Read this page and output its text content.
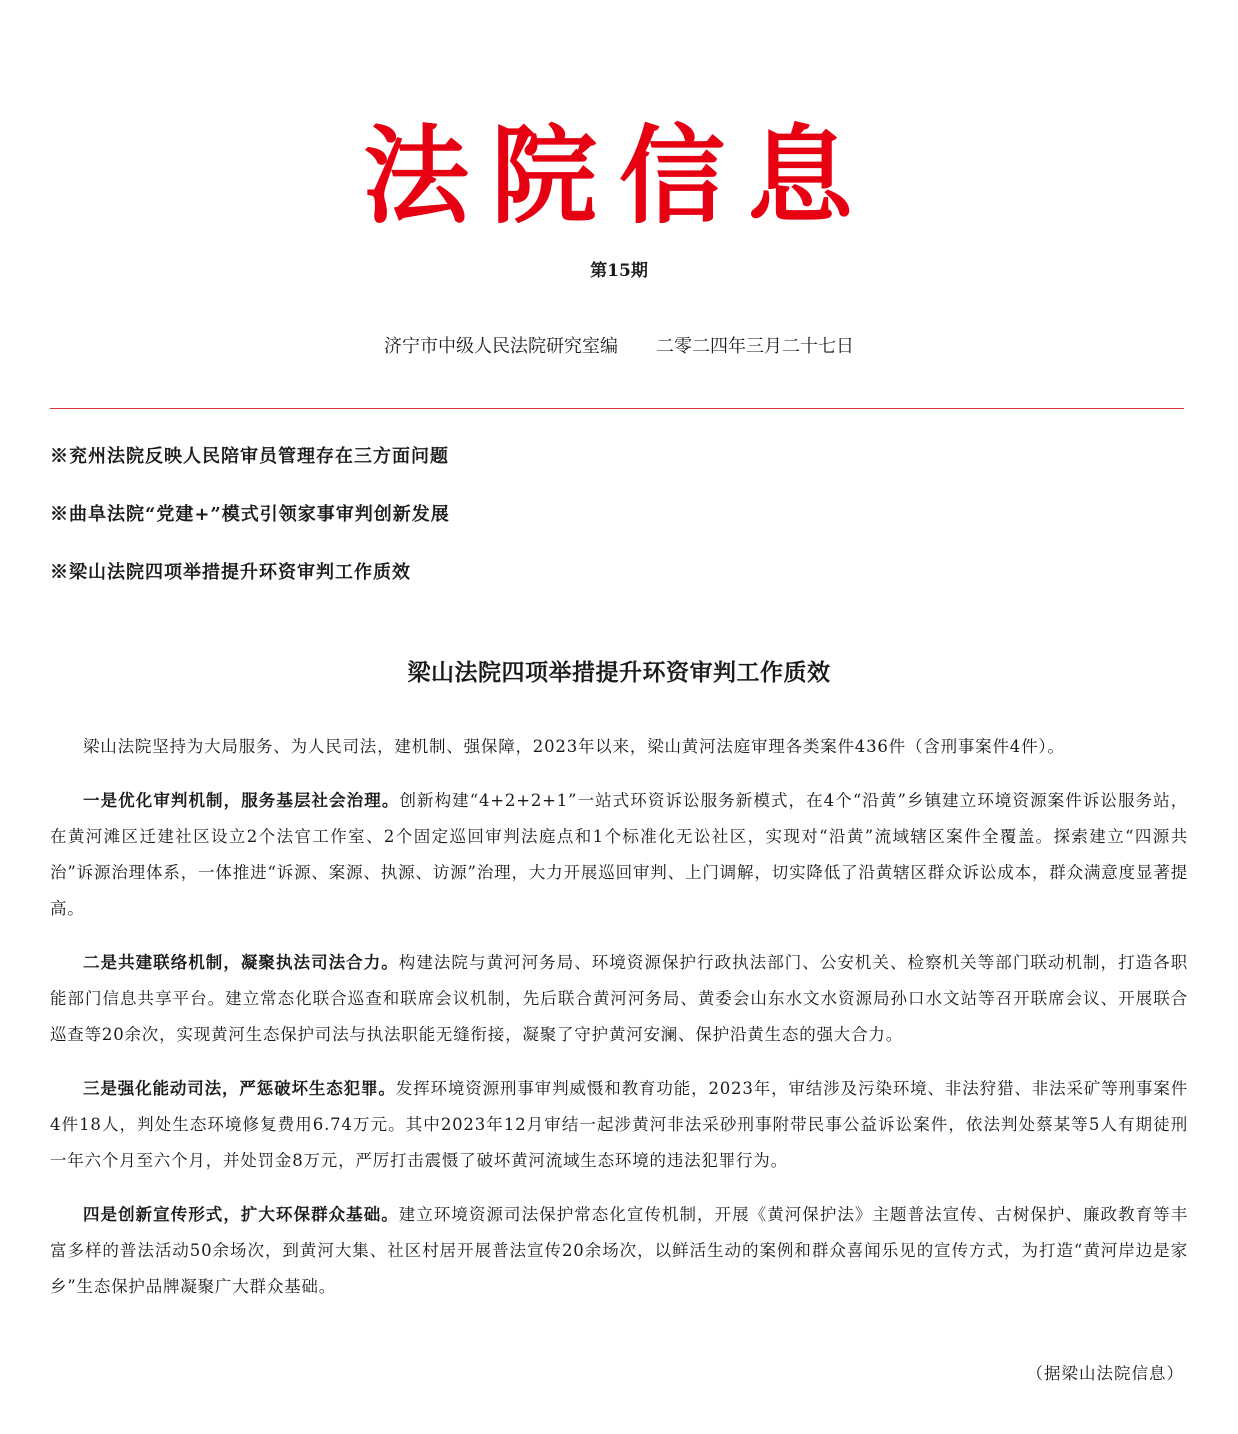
法院信息
第15期
济宁市中级人民法院研究室编 二零二四年三月二十七日
※兖州法院反映人民陪审员管理存在三方面问题
※曲阜法院“党建+”模式引领家事审判创新发展
※梁山法院四项举措提升环资审判工作质效
梁山法院四项举措提升环资审判工作质效

梁山法院坚持为大局服务、为人民司法，建机制、强保障，2023年以来，梁山黄河法庭审理各类案件436件（含刑事案件4件）。

一是优化审判机制，服务基层社会治理。创新构建“4+2+2+1”一站式环资诉讼服务新模式，在4个“沿黄”乡镇建立环境资源案件诉讼服务站，在黄河滩区迁建社区设立2个法官工作室、2个固定巡回审判法庭点和1个标准化无讼社区，实现对“沿黄”流域辖区案件全覆盖。探索建立“四源共治”诉源治理体系，一体推进“诉源、案源、执源、访源”治理，大力开展巡回审判、上门调解，切实降低了沿黄辖区群众诉讼成本，群众满意度显著提高。

二是共建联络机制，凝聚执法司法合力。构建法院与黄河河务局、环境资源保护行政执法部门、公安机关、检察机关等部门联动机制，打造各职能部门信息共享平台。建立常态化联合巡查和联席会议机制，先后联合黄河河务局、黄委会山东水文水资源局孙口水文站等召开联席会议、开展联合巡查等20余次，实现黄河生态保护司法与执法职能无缝衔接，凝聚了守护黄河安澜、保护沿黄生态的强大合力。

三是强化能动司法，严惩破坏生态犯罪。发挥环境资源刑事审判威慑和教育功能，2023年，审结涉及污染环境、非法狩猎、非法采矿等刑事案件4件18人，判处生态环境修复费用6.74万元。其中2023年12月审结一起涉黄河非法采砂刑事附带民事公益诉讼案件，依法判处蔡某等5人有期徒刑一年六个月至六个月，并处罚金8万元，严厉打击震慑了破坏黄河流域生态环境的违法犯罪行为。

四是创新宣传形式，扩大环保群众基础。建立环境资源司法保护常态化宣传机制，开展《黄河保护法》主题普法宣传、古树保护、廉政教育等丰富多样的普法活动50余场次，到黄河大集、社区村居开展普法宣传20余场次，以鲜活生动的案例和群众喜闻乐见的宣传方式，为打造“黄河岸边是家乡”生态保护品牌凝聚广大群众基础。

（据梁山法院信息）
